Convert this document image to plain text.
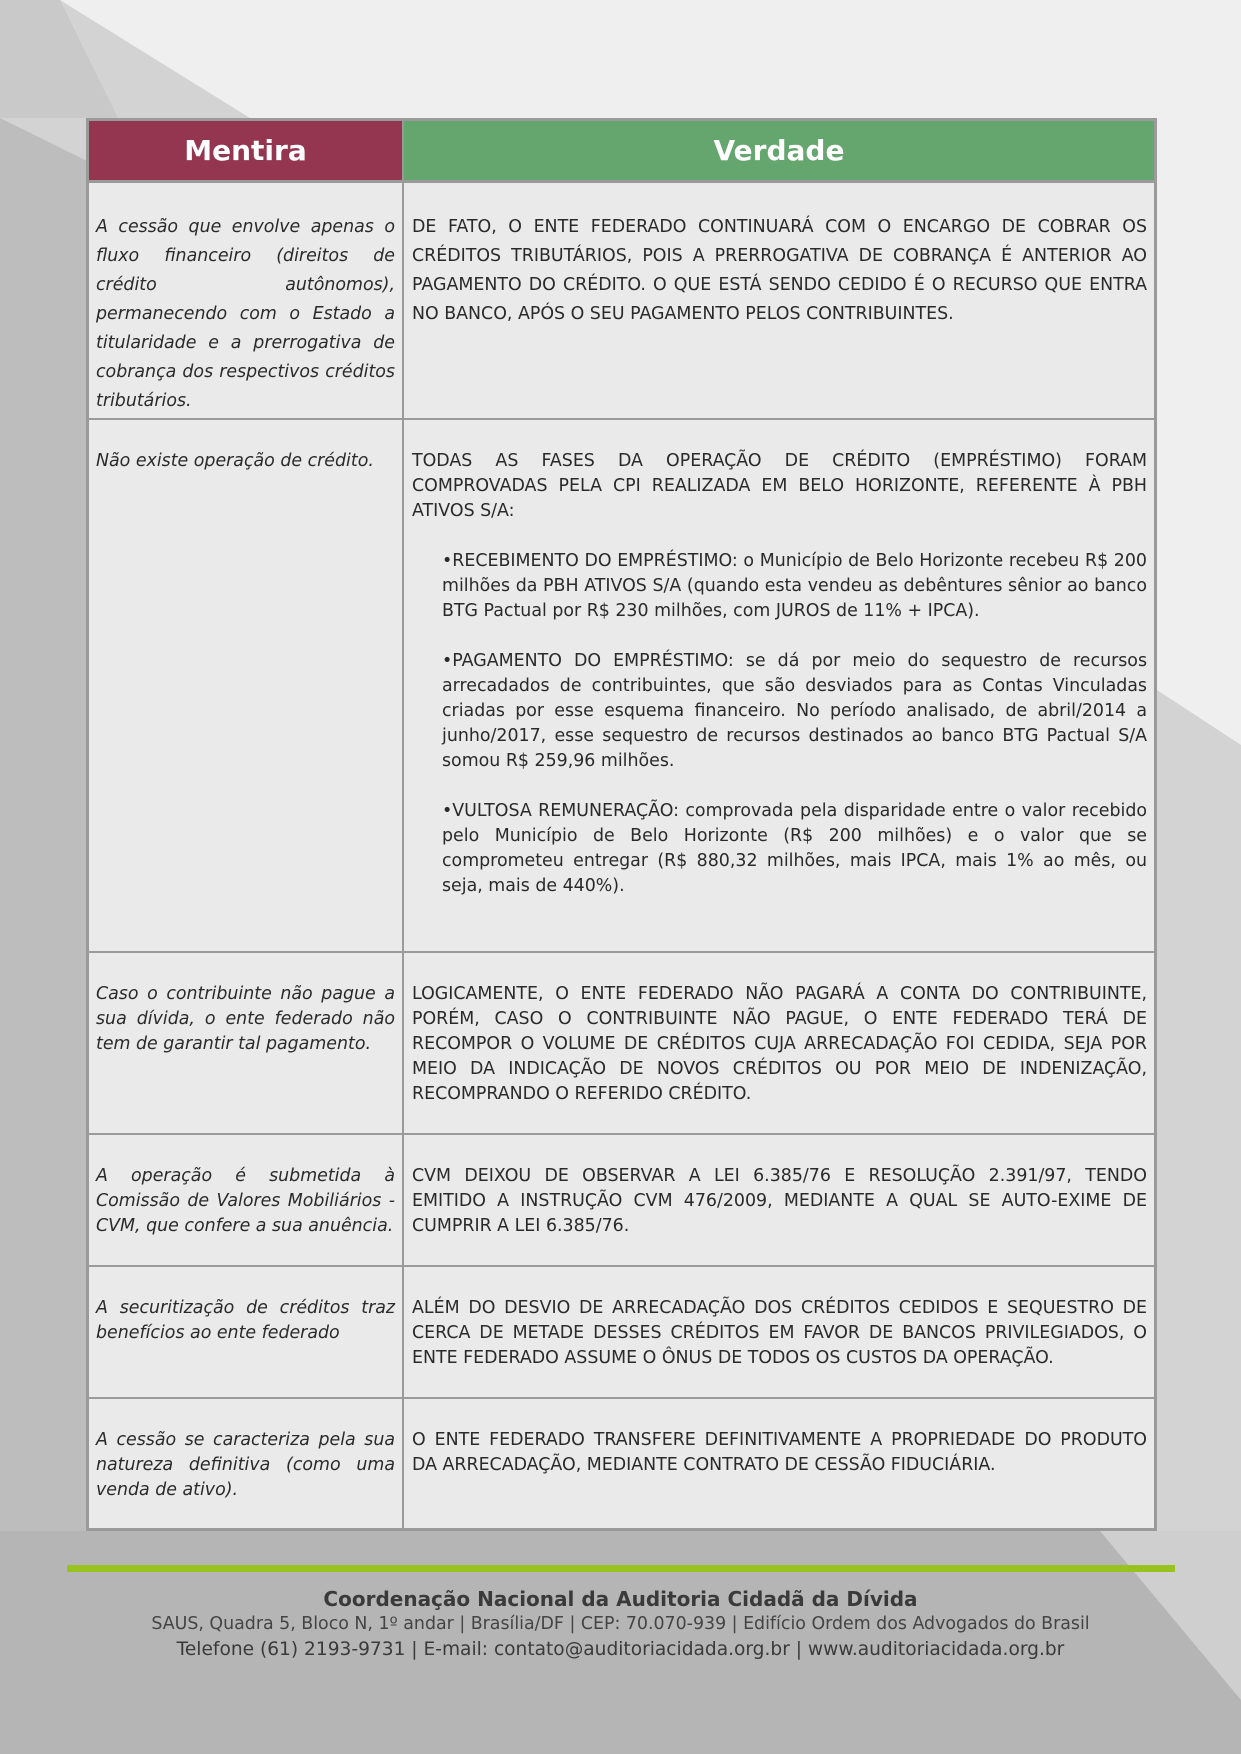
Mentira	Verdade
A cessão que envolve apenas o fluxo financeiro (direitos de crédito autônomos), permanecendo com o Estado a titularidade e a prerrogativa de cobrança dos respectivos créditos tributários.

DE FATO, O ENTE FEDERADO CONTINUARÁ COM O ENCARGO DE COBRAR OS CRÉDITOS TRIBUTÁRIOS, POIS A PRERROGATIVA DE COBRANÇA É ANTERIOR AO PAGAMENTO DO CRÉDITO. O QUE ESTÁ SENDO CEDIDO É O RECURSO QUE ENTRA NO BANCO, APÓS O SEU PAGAMENTO PELOS CONTRIBUINTES.

Não existe operação de crédito.	TODAS AS FASES DA OPERAÇÃO DE CRÉDITO (EMPRÉSTIMO) FORAM COMPROVADAS PELA CPI REALIZADA EM BELO HORIZONTE, REFERENTE À PBH ATIVOS S/A:

•RECEBIMENTO DO EMPRÉSTIMO: o Município de Belo Horizonte recebeu R$ 200 milhões da PBH ATIVOS S/A (quando esta vendeu as debêntures sênior ao banco BTG Pactual por R$ 230 milhões, com JUROS de 11% + IPCA).

•PAGAMENTO DO EMPRÉSTIMO: se dá por meio do sequestro de recursos arrecadados de contribuintes, que são desviados para as Contas Vinculadas criadas por esse esquema financeiro. No período analisado, de abril/2014 a junho/2017, esse sequestro de recursos destinados ao banco BTG Pactual S/A somou R$ 259,96 milhões.

•VULTOSA REMUNERAÇÃO: comprovada pela disparidade entre o valor recebido pelo Município de Belo Horizonte (R$ 200 milhões) e o valor que se comprometeu entregar (R$ 880,32 milhões, mais IPCA, mais 1% ao mês, ou seja, mais de 440%).

Caso o contribuinte não pague a sua dívida, o ente federado não tem de garantir tal pagamento.

LOGICAMENTE, O ENTE FEDERADO NÃO PAGARÁ A CONTA DO CONTRIBUINTE, PORÉM, CASO O CONTRIBUINTE NÃO PAGUE, O ENTE FEDERADO TERÁ DE RECOMPOR O VOLUME DE CRÉDITOS CUJA ARRECADAÇÃO FOI CEDIDA, SEJA POR MEIO DA INDICAÇÃO DE NOVOS CRÉDITOS OU POR MEIO DE INDENIZAÇÃO, RECOMPRANDO O REFERIDO CRÉDITO.

A operação é submetida à Comissão de Valores Mobiliários - CVM, que confere a sua anuência.

CVM DEIXOU DE OBSERVAR A LEI 6.385/76 E RESOLUÇÃO 2.391/97, TENDO EMITIDO A INSTRUÇÃO CVM 476/2009, MEDIANTE A QUAL SE AUTO-EXIME DE CUMPRIR A LEI 6.385/76.

A securitização de créditos traz benefícios ao ente federado

ALÉM DO DESVIO DE ARRECADAÇÃO DOS CRÉDITOS CEDIDOS E SEQUESTRO DE CERCA DE METADE DESSES CRÉDITOS EM FAVOR DE BANCOS PRIVILEGIADOS, O ENTE FEDERADO ASSUME O ÔNUS DE TODOS OS CUSTOS DA OPERAÇÃO.

A cessão se caracteriza pela sua natureza definitiva (como uma venda de ativo).

O ENTE FEDERADO TRANSFERE DEFINITIVAMENTE A PROPRIEDADE DO PRODUTO DA ARRECADAÇÃO, MEDIANTE CONTRATO DE CESSÃO FIDUCIÁRIA.

Coordenação Nacional da Auditoria Cidadã da Dívida
SAUS, Quadra 5, Bloco N, 1º andar | Brasília/DF | CEP: 70.070-939 | Edifício Ordem dos Advogados do Brasil
Telefone (61) 2193-9731 | E-mail: contato@auditoriacidada.org.br | www.auditoriacidada.org.br
